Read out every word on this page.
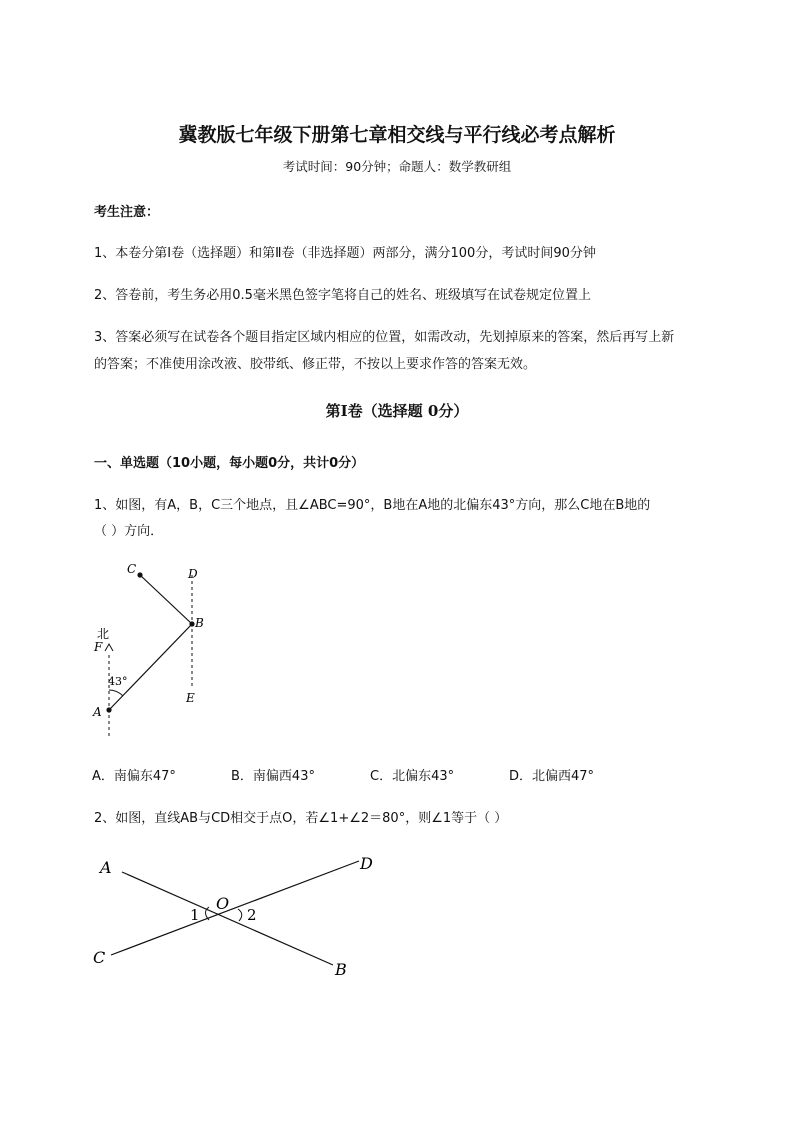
冀教版七年级下册第七章相交线与平行线必考点解析
考试时间：90分钟；命题人：数学教研组
考生注意：
1、本卷分第I卷（选择题）和第Ⅱ卷（非选择题）两部分，满分100分，考试时间90分钟
2、答卷前，考生务必用0.5毫米黑色签字笔将自己的姓名、班级填写在试卷规定位置上
3、答案必须写在试卷各个题目指定区域内相应的位置，如需改动，先划掉原来的答案，然后再写上新
的答案；不准使用涂改液、胶带纸、修正带，不按以上要求作答的答案无效。
第I卷（选择题 0分）
一、单选题（10小题，每小题0分，共计0分）
1、如图，有A，B，C三个地点，且∠ABC=90°，B地在A地的北偏东43°方向，那么C地在B地的
（ ）方向．
C	D
B
北
F
43°
A
E
A．南偏东47°	B．南偏西43°	C．北偏东43°	D．北偏西47°
2、如图，直线AB与CD相交于点O，若∠1+∠2＝80°，则∠1等于（ ）
A	D
O
1	2
C
B
